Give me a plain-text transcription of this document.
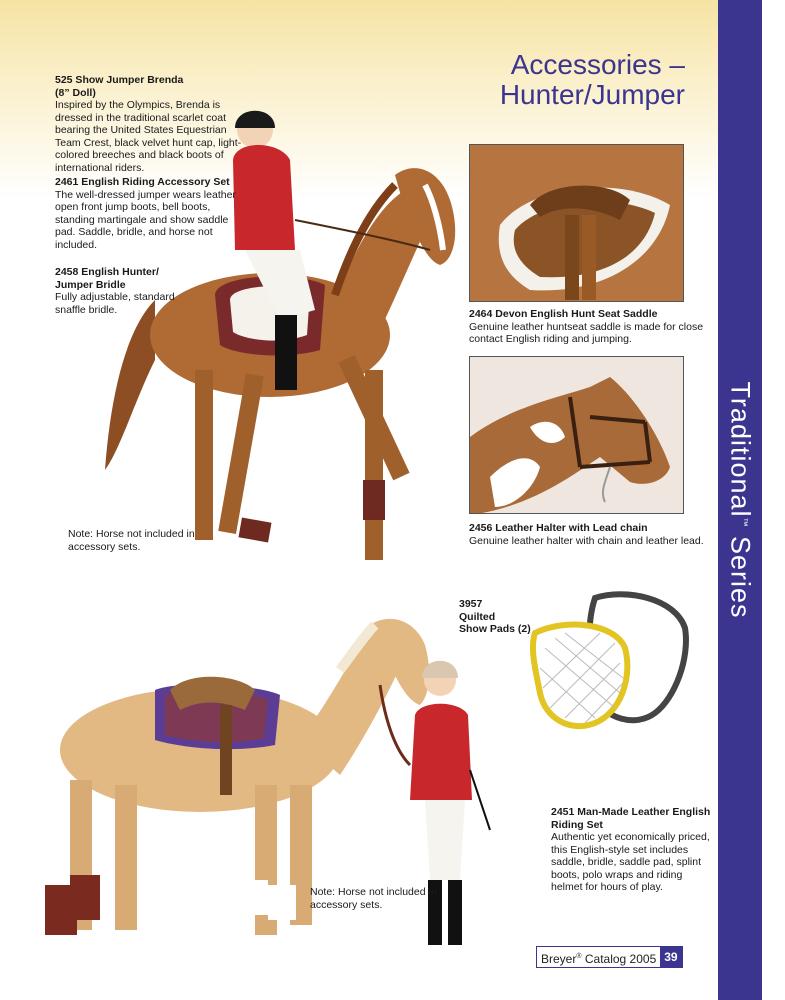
Traditional™ Series
Accessories –
Hunter/Jumper
525 Show Jumper Brenda
(8” Doll)
Inspired by the Olympics, Brenda is dressed in the traditional scarlet coat bearing the United States Equestrian Team Crest, black velvet hunt cap, light-colored breeches and black boots of international riders.
2461 English Riding Accessory Set
The well-dressed jumper wears leather open front jump boots, bell boots, standing martingale and show saddle pad. Saddle, bridle, and horse not included.
2458 English Hunter/ Jumper Bridle
Fully adjustable, standard snaffle bridle.
Note: Horse not included in accessory sets.
2464 Devon English Hunt Seat Saddle
Genuine leather huntseat saddle is made for close contact English riding and jumping.
2456 Leather Halter with Lead chain
Genuine leather halter with chain and leather lead.
3957
Quilted
Show Pads (2)
Note: Horse not included in accessory sets.
2451 Man-Made Leather English Riding Set
Authentic yet economically priced, this English-style set includes saddle, bridle, saddle pad, splint boots, polo wraps and riding helmet for hours of play.
Breyer® Catalog 2005 39
